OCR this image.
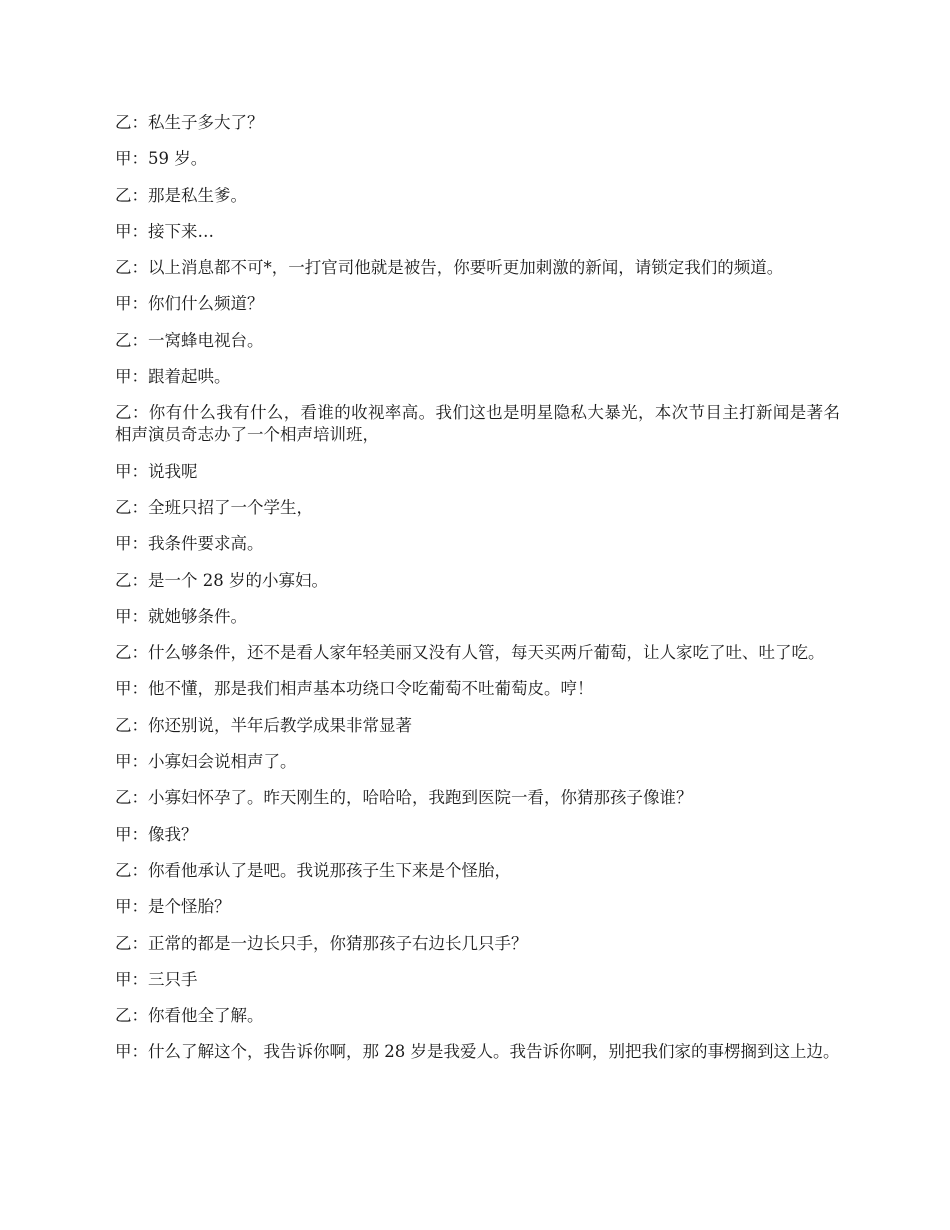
乙：私生子多大了？

甲：59 岁。

乙：那是私生爹。

甲：接下来…

乙：以上消息都不可*，一打官司他就是被告，你要听更加刺激的新闻，请锁定我们的频道。

甲：你们什么频道？

乙：一窝蜂电视台。

甲：跟着起哄。

乙：你有什么我有什么，看谁的收视率高。我们这也是明星隐私大暴光，本次节目主打新闻是著名相声演员奇志办了一个相声培训班，

甲：说我呢

乙：全班只招了一个学生，

甲：我条件要求高。

乙：是一个 28 岁的小寡妇。

甲：就她够条件。

乙：什么够条件，还不是看人家年轻美丽又没有人管，每天买两斤葡萄，让人家吃了吐、吐了吃。

甲：他不懂，那是我们相声基本功绕口令吃葡萄不吐葡萄皮。哼！

乙：你还别说，半年后教学成果非常显著

甲：小寡妇会说相声了。

乙：小寡妇怀孕了。昨天刚生的，哈哈哈，我跑到医院一看，你猜那孩子像谁？

甲：像我？

乙：你看他承认了是吧。我说那孩子生下来是个怪胎，

甲：是个怪胎？

乙：正常的都是一边长只手，你猜那孩子右边长几只手？

甲：三只手

乙：你看他全了解。

甲：什么了解这个，我告诉你啊，那 28 岁是我爱人。我告诉你啊，别把我们家的事楞搁到这上边。
